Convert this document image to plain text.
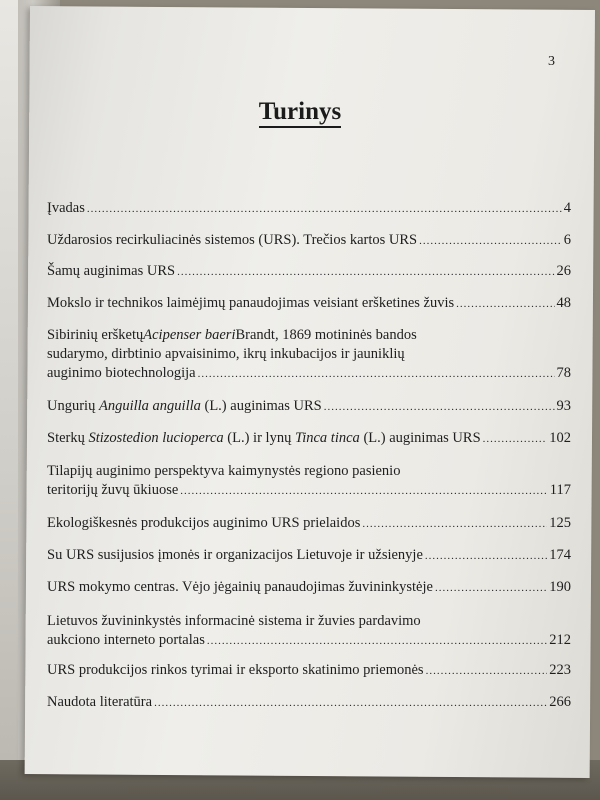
3
Turinys
Įvadas .....	4
Uždarosios recirkuliacinės sistemos (URS). Trečios kartos URS .....	6
Šamų auginimas URS .....	26
Mokslo ir technikos laimėjimų panaudojimas veisiant eršketines žuvis .....	48
Sibirinių eršketų Acipenser baeri Brandt, 1869 motininės bandos
sudarymo, dirbtinio apvaisinimo, ikrų inkubacijos ir jauniklių
auginimo biotechnologija .....	78
Ungurių Anguilla anguilla (L.) auginimas URS .....	93
Sterkų Stizostedion lucioperca (L.) ir lynų Tinca tinca (L.) auginimas URS .....	102
Tilapijų auginimo perspektyva kaimynystės regiono pasienio
teritorijų žuvų ūkiuose .....	117
Ekologiškesnės produkcijos auginimo URS prielaidos .....	125
Su URS susijusios įmonės ir organizacijos Lietuvoje ir užsienyje .....	174
URS mokymo centras. Vėjo jėgainių panaudojimas žuvininkystėje .....	190
Lietuvos žuvininkystės informacinė sistema ir žuvies pardavimo
aukciono interneto portalas .....	212
URS produkcijos rinkos tyrimai ir eksporto skatinimo priemonės .....	223
Naudota literatūra .....	266
